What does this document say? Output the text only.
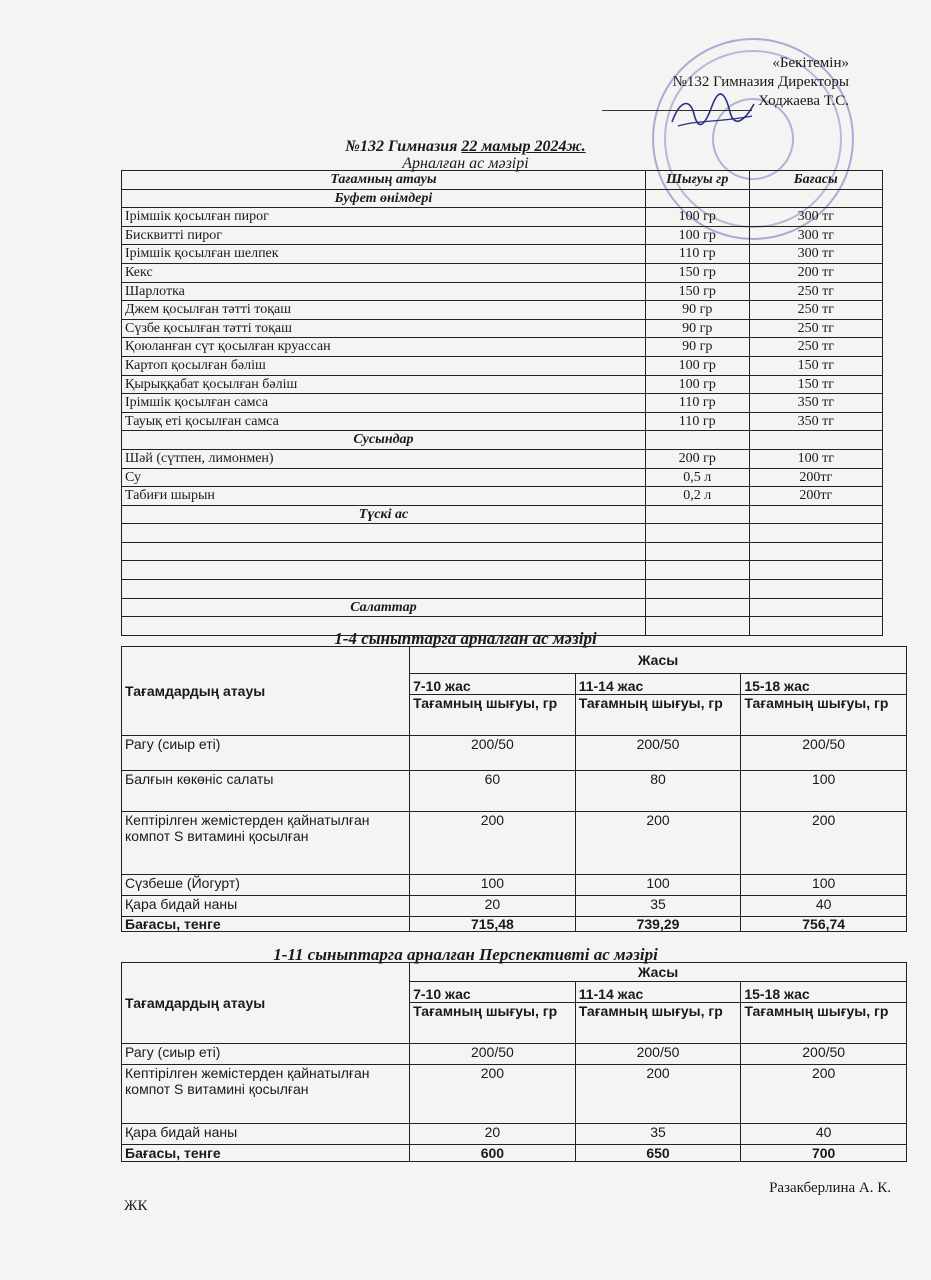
«Бекітемін»
№132 Гимназия Директоры
Ходжаева Т.С.
№132 Гимназия 22 мамыр 2024ж.
Арналған ас мәзірі
Тағамның атауы	Шығуы гр	Бағасы
Буфет өнімдері		
Ірімшік қосылған пирог	100 гр	300 тг
Бисквитті пирог	100 гр	300 тг
Ірімшік қосылған шелпек	110 гр	300 тг
Кекс	150 гр	200 тг
Шарлотка	150 гр	250 тг
Джем қосылған тәтті тоқаш	90 гр	250 тг
Сүзбе қосылған тәтті тоқаш	90 гр	250 тг
Қоюланған сүт қосылған круассан	90 гр	250 тг
Картоп қосылған бәліш	100 гр	150 тг
Қырыққабат қосылған бәліш	100 гр	150 тг
Ірімшік қосылған самса	110 гр	350 тг
Тауық еті қосылған самса	110 гр	350 тг
Сусындар		
Шәй (сүтпен, лимонмен)	200 гр	100 тг
Су	0,5 л	200тг
Табиғи шырын	0,2 л	200тг
Түскі ас		

Салаттар		

1-4 сыныптарга арналған ас мәзірі
Тағамдардың атауы	Жасы		
	7-10 жас	11-14 жас	15-18 жас
	Тағамның шығуы, гр	Тағамның шығуы, гр	Тағамның шығуы, гр
Рагу (сиыр еті)	200/50	200/50	200/50
Балғын көкөніс салаты	60	80	100
Кептірілген жемістерден қайнатылған компот S витамині қосылған	200	200	200
Сүзбеше (Йогурт)	100	100	100
Қара бидай наны	20	35	40
Бағасы, тенге	715,48	739,29	756,74
1-11 сыныптарга арналған Перспективті ас мәзірі
Тағамдардың атауы	Жасы		
	7-10 жас	11-14 жас	15-18 жас
	Тағамның шығуы, гр	Тағамның шығуы, гр	Тағамның шығуы, гр
Рагу (сиыр еті)	200/50	200/50	200/50
Кептірілген жемістерден қайнатылған компот S витамині қосылған	200	200	200
Қара бидай наны	20	35	40
Бағасы, тенге	600	650	700
Разакберлина А. К.
ЖК
